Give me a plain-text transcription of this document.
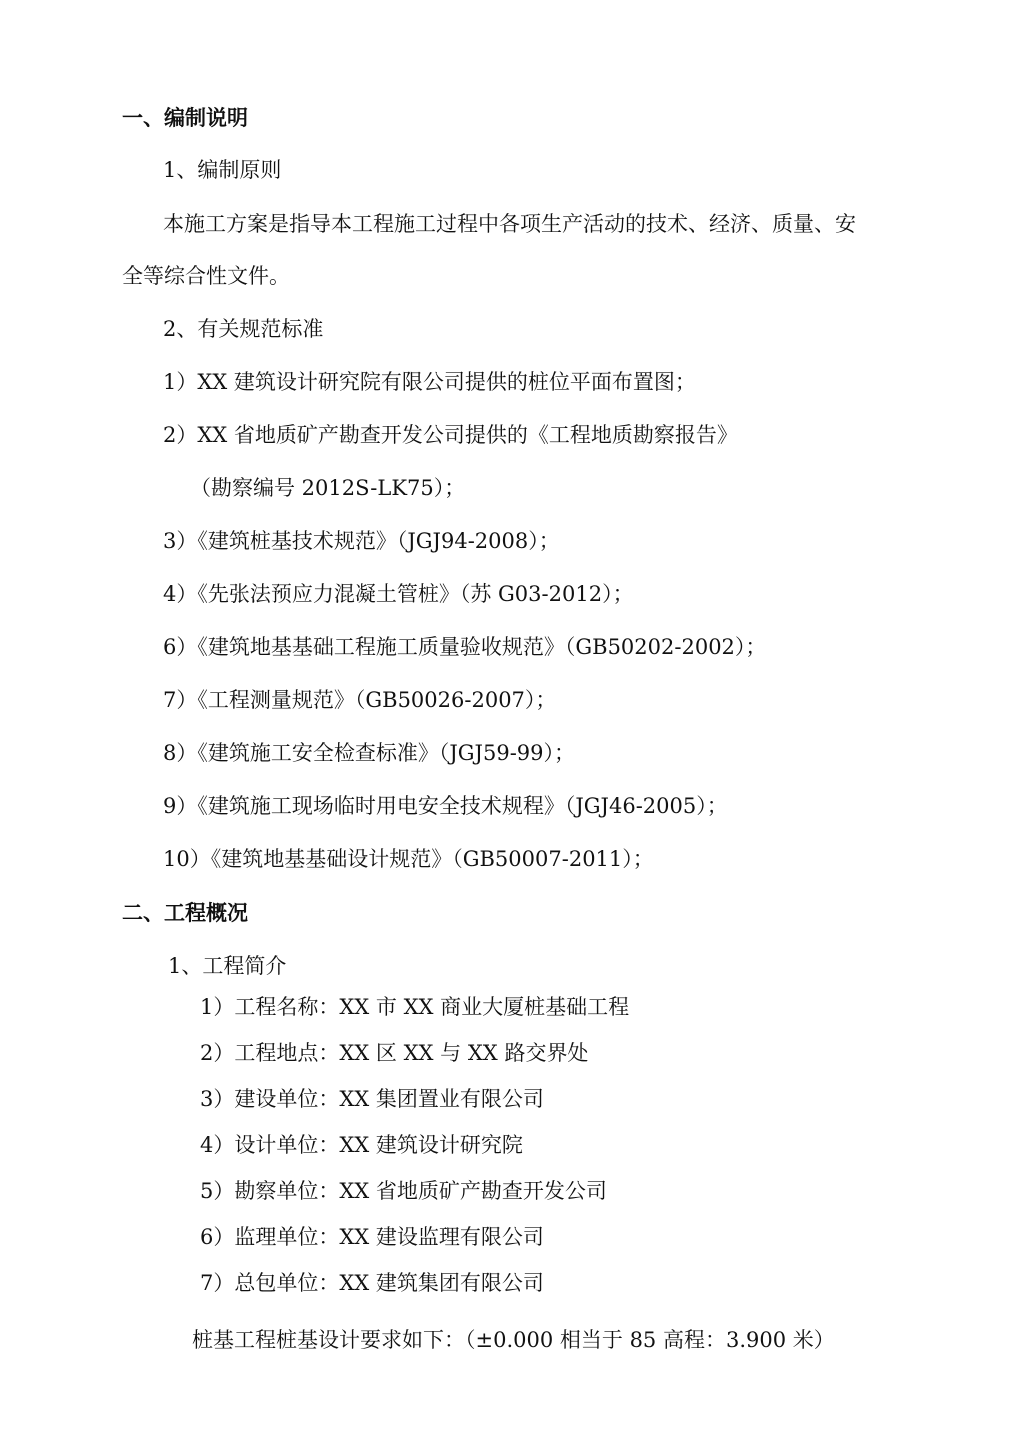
一、编制说明
1、编制原则
本施工方案是指导本工程施工过程中各项生产活动的技术、经济、质量、安
全等综合性文件。
2、有关规范标准
1）XX 建筑设计研究院有限公司提供的桩位平面布置图；
2）XX 省地质矿产勘查开发公司提供的《工程地质勘察报告》
（勘察编号 2012S-LK75）；
3）《建筑桩基技术规范》（JGJ94-2008）；
4）《先张法预应力混凝土管桩》（苏 G03-2012）；
6）《建筑地基基础工程施工质量验收规范》（GB50202-2002）；
7）《工程测量规范》（GB50026-2007）；
8）《建筑施工安全检查标准》（JGJ59-99）；
9）《建筑施工现场临时用电安全技术规程》（JGJ46-2005）；
10）《建筑地基基础设计规范》（GB50007-2011）；
二、工程概况
1、工程简介
1）工程名称：XX 市 XX 商业大厦桩基础工程
2）工程地点：XX 区 XX 与 XX 路交界处
3）建设单位：XX 集团置业有限公司
4）设计单位：XX 建筑设计研究院
5）勘察单位：XX 省地质矿产勘查开发公司
6）监理单位：XX 建设监理有限公司
7）总包单位：XX 建筑集团有限公司
桩基工程桩基设计要求如下：（±0.000 相当于 85 高程：3.900 米）
